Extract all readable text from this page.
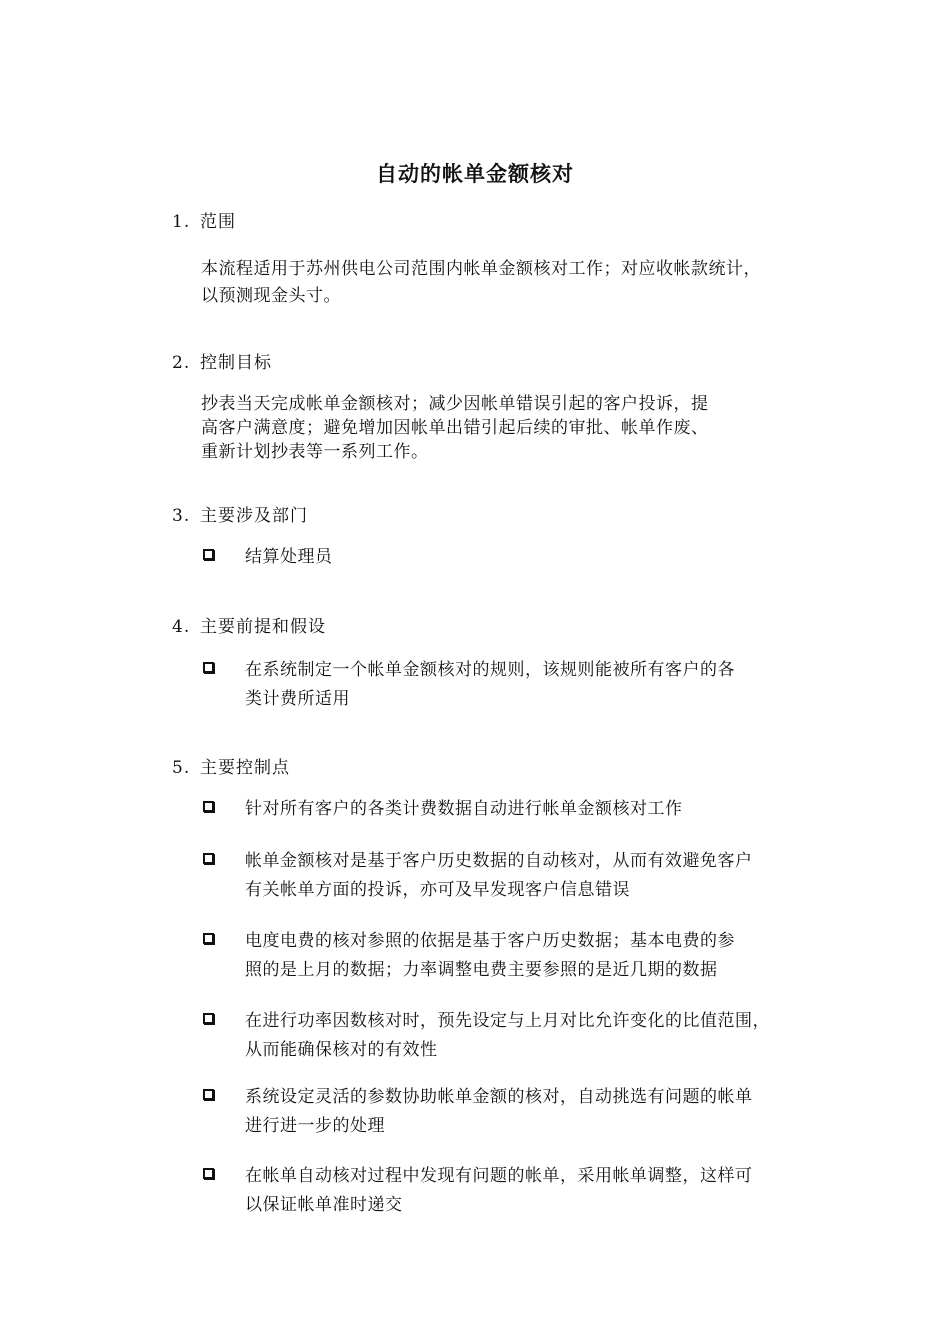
自动的帐单金额核对
1. 范围
本流程适用于苏州供电公司范围内帐单金额核对工作；对应收帐款统计，
以预测现金头寸。
2. 控制目标
抄表当天完成帐单金额核对；减少因帐单错误引起的客户投诉，提
高客户满意度；避免增加因帐单出错引起后续的审批、帐单作废、
重新计划抄表等一系列工作。
3. 主要涉及部门
结算处理员
4. 主要前提和假设
在系统制定一个帐单金额核对的规则，该规则能被所有客户的各
类计费所适用
5. 主要控制点
针对所有客户的各类计费数据自动进行帐单金额核对工作
帐单金额核对是基于客户历史数据的自动核对，从而有效避免客户
有关帐单方面的投诉，亦可及早发现客户信息错误
电度电费的核对参照的依据是基于客户历史数据；基本电费的参
照的是上月的数据；力率调整电费主要参照的是近几期的数据
在进行功率因数核对时，预先设定与上月对比允许变化的比值范围，
从而能确保核对的有效性
系统设定灵活的参数协助帐单金额的核对，自动挑选有问题的帐单
进行进一步的处理
在帐单自动核对过程中发现有问题的帐单，采用帐单调整，这样可
以保证帐单准时递交
